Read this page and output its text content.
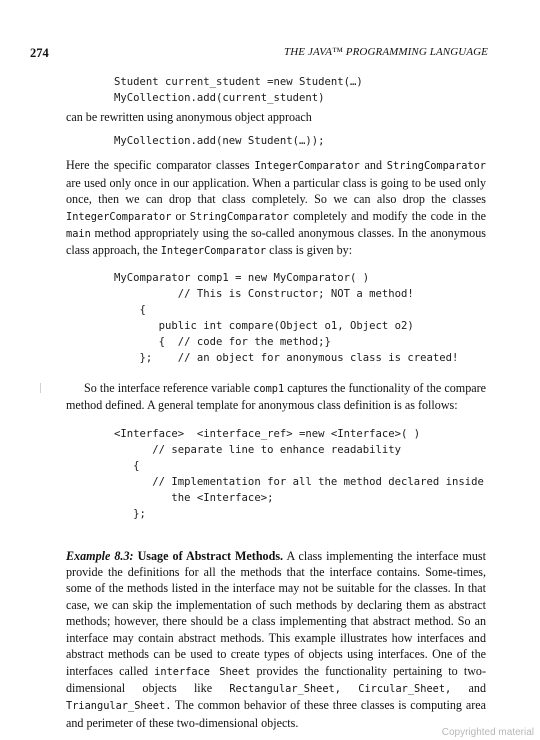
274	THE JAVA™ PROGRAMMING LANGUAGE
Student current_student =new Student(…)
MyCollection.add(current_student)

can be rewritten using anonymous object approach

MyCollection.add(new Student(…));

Here the specific comparator classes IntegerComparator and StringComparator are used only once in our application. When a particular class is going to be used only once, then we can drop that class completely. So we can also drop the classes IntegerComparator or StringComparator completely and modify the code in the main method appropriately using the so-called anonymous classes. In the anonymous class approach, the IntegerComparator class is given by:

MyComparator comp1 = new MyComparator( )
// This is Constructor; NOT a method!
{
public int compare(Object o1, Object o2)
{  // code for the method;}
};    // an object for anonymous class is created!

So the interface reference variable comp1 captures the functionality of the compare method defined. A general template for anonymous class definition is as follows:

<Interface>  <interface_ref> =new <Interface>( )
// separate line to enhance readability
{
// Implementation for all the method declared inside
the <Interface>;
};

Example 8.3: Usage of Abstract Methods. A class implementing the interface must provide the definitions for all the methods that the interface contains. Some-times, some of the methods listed in the interface may not be suitable for the classes. In that case, we can skip the implementation of such methods by declaring them as abstract methods; however, there should be a class implementing that abstract method. So an interface may contain abstract methods. This example illustrates how interfaces and abstract methods can be used to create types of objects using interfaces. One of the interfaces called interface Sheet provides the functionality pertaining to two-dimensional objects like Rectangular_Sheet, Circular_Sheet, and Triangular_Sheet. The common behavior of these three classes is computing area and perimeter of these two-dimensional objects.

Copyrighted material
